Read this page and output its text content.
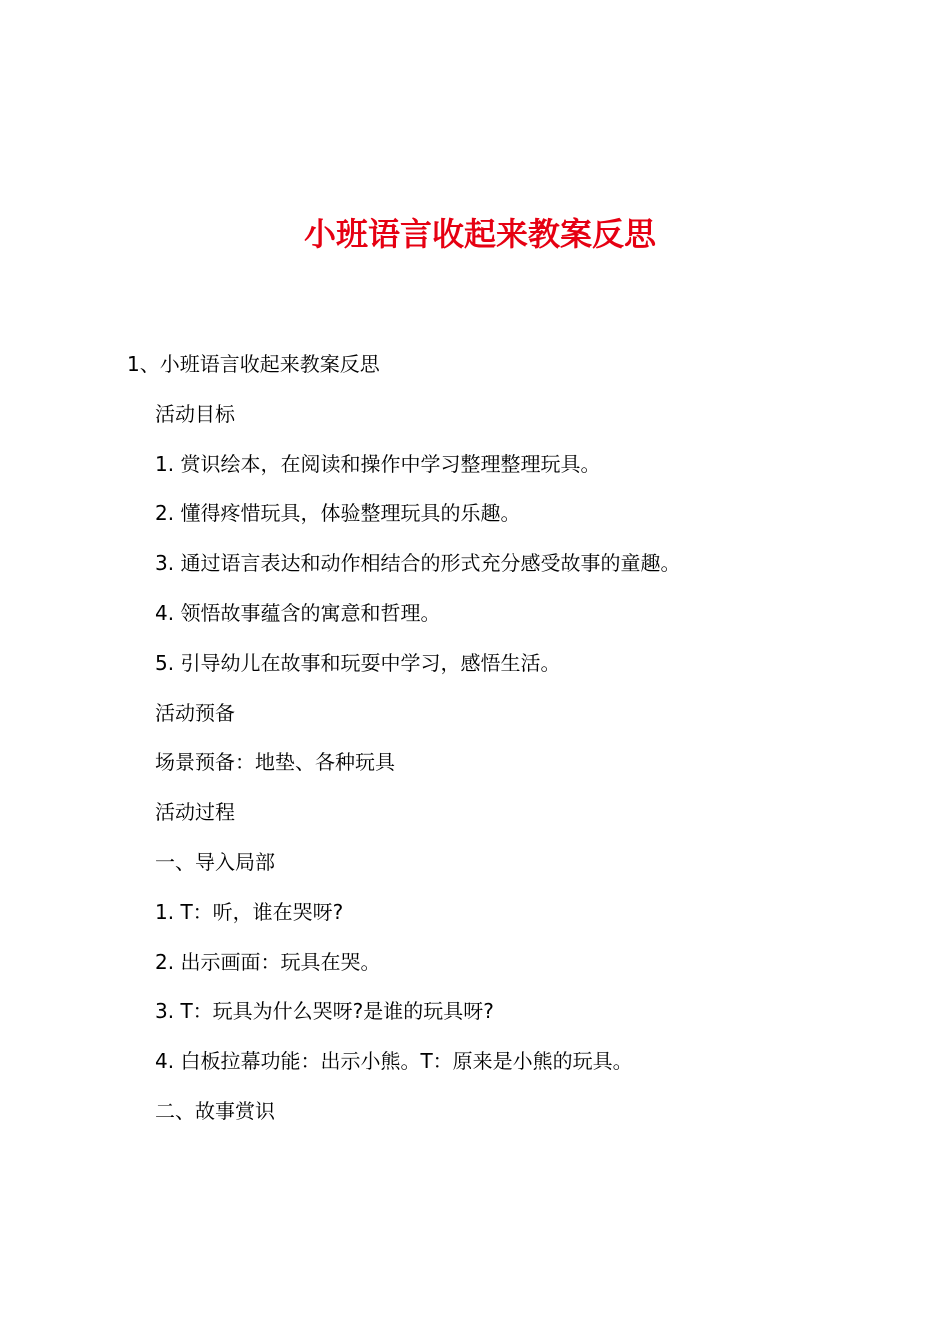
小班语言收起来教案反思
1、小班语言收起来教案反思
活动目标
1. 赏识绘本，在阅读和操作中学习整理整理玩具。
2. 懂得疼惜玩具，体验整理玩具的乐趣。
3. 通过语言表达和动作相结合的形式充分感受故事的童趣。
4. 领悟故事蕴含的寓意和哲理。
5. 引导幼儿在故事和玩耍中学习，感悟生活。
活动预备
场景预备：地垫、各种玩具
活动过程
一、导入局部
1. T：听，谁在哭呀?
2. 出示画面：玩具在哭。
3. T：玩具为什么哭呀?是谁的玩具呀?
4. 白板拉幕功能：出示小熊。T：原来是小熊的玩具。
二、故事赏识
